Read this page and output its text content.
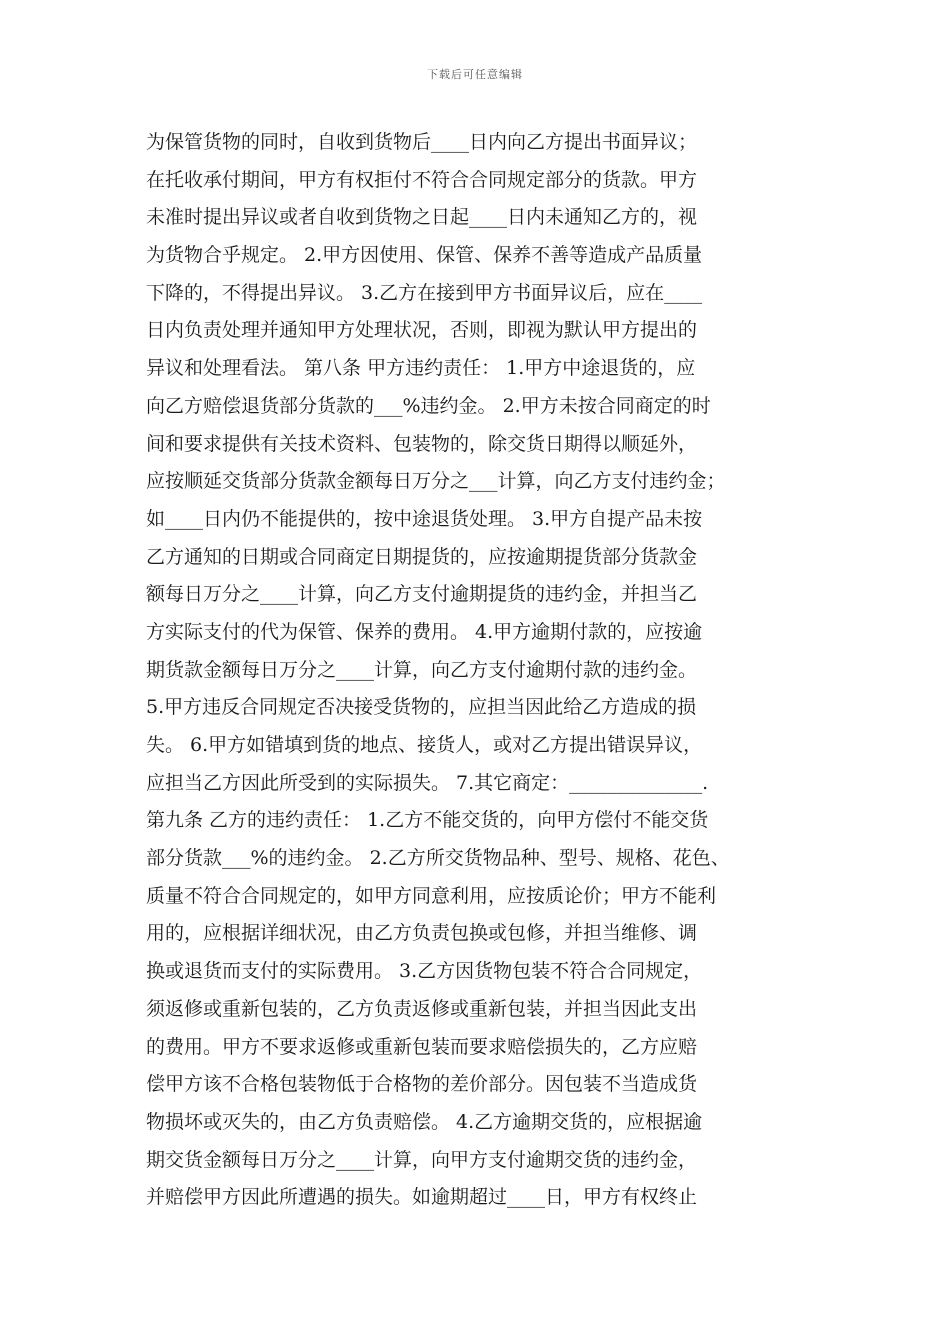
下载后可任意编辑
为保管货物的同时，自收到货物后____日内向乙方提出书面异议；
在托收承付期间，甲方有权拒付不符合合同规定部分的货款。甲方
未准时提出异议或者自收到货物之日起____日内未通知乙方的，视
为货物合乎规定。 2.甲方因使用、保管、保养不善等造成产品质量
下降的，不得提出异议。 3.乙方在接到甲方书面异议后，应在____
日内负责处理并通知甲方处理状况，否则，即视为默认甲方提出的
异议和处理看法。 第八条 甲方违约责任： 1.甲方中途退货的，应
向乙方赔偿退货部分货款的___%违约金。 2.甲方未按合同商定的时
间和要求提供有关技术资料、包装物的，除交货日期得以顺延外，
应按顺延交货部分货款金额每日万分之___计算，向乙方支付违约金；
如____日内仍不能提供的，按中途退货处理。 3.甲方自提产品未按
乙方通知的日期或合同商定日期提货的，应按逾期提货部分货款金
额每日万分之____计算，向乙方支付逾期提货的违约金，并担当乙
方实际支付的代为保管、保养的费用。 4.甲方逾期付款的，应按逾
期货款金额每日万分之____计算，向乙方支付逾期付款的违约金。
5.甲方违反合同规定否决接受货物的，应担当因此给乙方造成的损
失。 6.甲方如错填到货的地点、接货人，或对乙方提出错误异议，
应担当乙方因此所受到的实际损失。 7.其它商定：______________.
第九条 乙方的违约责任： 1.乙方不能交货的，向甲方偿付不能交货
部分货款___%的违约金。 2.乙方所交货物品种、型号、规格、花色、
质量不符合合同规定的，如甲方同意利用，应按质论价；甲方不能利
用的，应根据详细状况，由乙方负责包换或包修，并担当维修、调
换或退货而支付的实际费用。 3.乙方因货物包装不符合合同规定，
须返修或重新包装的，乙方负责返修或重新包装，并担当因此支出
的费用。甲方不要求返修或重新包装而要求赔偿损失的，乙方应赔
偿甲方该不合格包装物低于合格物的差价部分。因包装不当造成货
物损坏或灭失的，由乙方负责赔偿。 4.乙方逾期交货的，应根据逾
期交货金额每日万分之____计算，向甲方支付逾期交货的违约金，
并赔偿甲方因此所遭遇的损失。如逾期超过____日，甲方有权终止
